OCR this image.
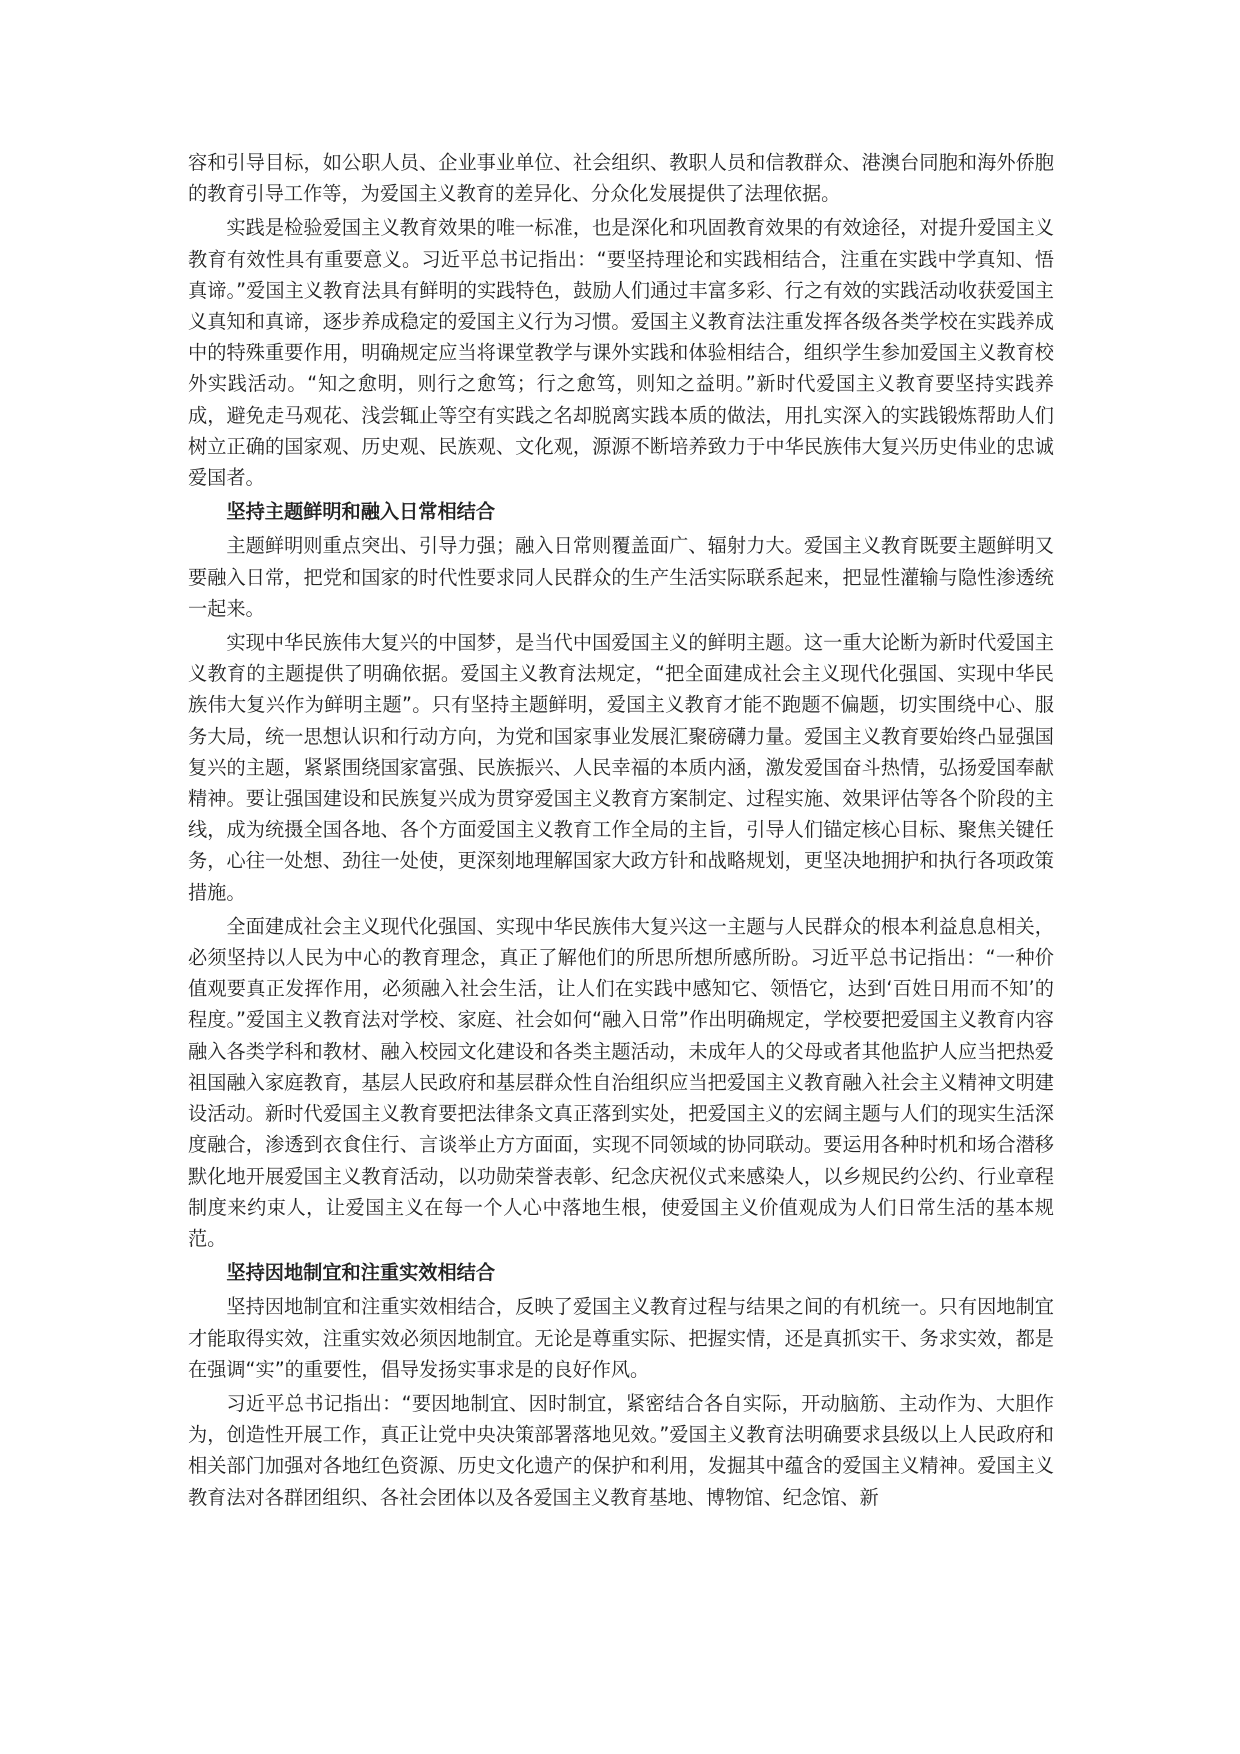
容和引导目标，如公职人员、企业事业单位、社会组织、教职人员和信教群众、港澳台同胞和海外侨胞的教育引导工作等，为爱国主义教育的差异化、分众化发展提供了法理依据。

实践是检验爱国主义教育效果的唯一标准，也是深化和巩固教育效果的有效途径，对提升爱国主义教育有效性具有重要意义。习近平总书记指出：“要坚持理论和实践相结合，注重在实践中学真知、悟真谛。”爱国主义教育法具有鲜明的实践特色，鼓励人们通过丰富多彩、行之有效的实践活动收获爱国主义真知和真谛，逐步养成稳定的爱国主义行为习惯。爱国主义教育法注重发挥各级各类学校在实践养成中的特殊重要作用，明确规定应当将课堂教学与课外实践和体验相结合，组织学生参加爱国主义教育校外实践活动。“知之愈明，则行之愈笃；行之愈笃，则知之益明。”新时代爱国主义教育要坚持实践养成，避免走马观花、浅尝辄止等空有实践之名却脱离实践本质的做法，用扎实深入的实践锻炼帮助人们树立正确的国家观、历史观、民族观、文化观，源源不断培养致力于中华民族伟大复兴历史伟业的忠诚爱国者。

坚持主题鲜明和融入日常相结合

主题鲜明则重点突出、引导力强；融入日常则覆盖面广、辐射力大。爱国主义教育既要主题鲜明又要融入日常，把党和国家的时代性要求同人民群众的生产生活实际联系起来，把显性灌输与隐性渗透统一起来。

实现中华民族伟大复兴的中国梦，是当代中国爱国主义的鲜明主题。这一重大论断为新时代爱国主义教育的主题提供了明确依据。爱国主义教育法规定，“把全面建成社会主义现代化强国、实现中华民族伟大复兴作为鲜明主题”。只有坚持主题鲜明，爱国主义教育才能不跑题不偏题，切实围绕中心、服务大局，统一思想认识和行动方向，为党和国家事业发展汇聚磅礴力量。爱国主义教育要始终凸显强国复兴的主题，紧紧围绕国家富强、民族振兴、人民幸福的本质内涵，激发爱国奋斗热情，弘扬爱国奉献精神。要让强国建设和民族复兴成为贯穿爱国主义教育方案制定、过程实施、效果评估等各个阶段的主线，成为统摄全国各地、各个方面爱国主义教育工作全局的主旨，引导人们锚定核心目标、聚焦关键任务，心往一处想、劲往一处使，更深刻地理解国家大政方针和战略规划，更坚决地拥护和执行各项政策措施。

全面建成社会主义现代化强国、实现中华民族伟大复兴这一主题与人民群众的根本利益息息相关，必须坚持以人民为中心的教育理念，真正了解他们的所思所想所感所盼。习近平总书记指出：“一种价值观要真正发挥作用，必须融入社会生活，让人们在实践中感知它、领悟它，达到‘百姓日用而不知’的程度。”爱国主义教育法对学校、家庭、社会如何“融入日常”作出明确规定，学校要把爱国主义教育内容融入各类学科和教材、融入校园文化建设和各类主题活动，未成年人的父母或者其他监护人应当把热爱祖国融入家庭教育，基层人民政府和基层群众性自治组织应当把爱国主义教育融入社会主义精神文明建设活动。新时代爱国主义教育要把法律条文真正落到实处，把爱国主义的宏阔主题与人们的现实生活深度融合，渗透到衣食住行、言谈举止方方面面，实现不同领域的协同联动。要运用各种时机和场合潜移默化地开展爱国主义教育活动，以功勋荣誉表彰、纪念庆祝仪式来感染人，以乡规民约公约、行业章程制度来约束人，让爱国主义在每一个人心中落地生根，使爱国主义价值观成为人们日常生活的基本规范。

坚持因地制宜和注重实效相结合

坚持因地制宜和注重实效相结合，反映了爱国主义教育过程与结果之间的有机统一。只有因地制宜才能取得实效，注重实效必须因地制宜。无论是尊重实际、把握实情，还是真抓实干、务求实效，都是在强调“实”的重要性，倡导发扬实事求是的良好作风。

习近平总书记指出：“要因地制宜、因时制宜，紧密结合各自实际，开动脑筋、主动作为、大胆作为，创造性开展工作，真正让党中央决策部署落地见效。”爱国主义教育法明确要求县级以上人民政府和相关部门加强对各地红色资源、历史文化遗产的保护和利用，发掘其中蕴含的爱国主义精神。爱国主义教育法对各群团组织、各社会团体以及各爱国主义教育基地、博物馆、纪念馆、新
